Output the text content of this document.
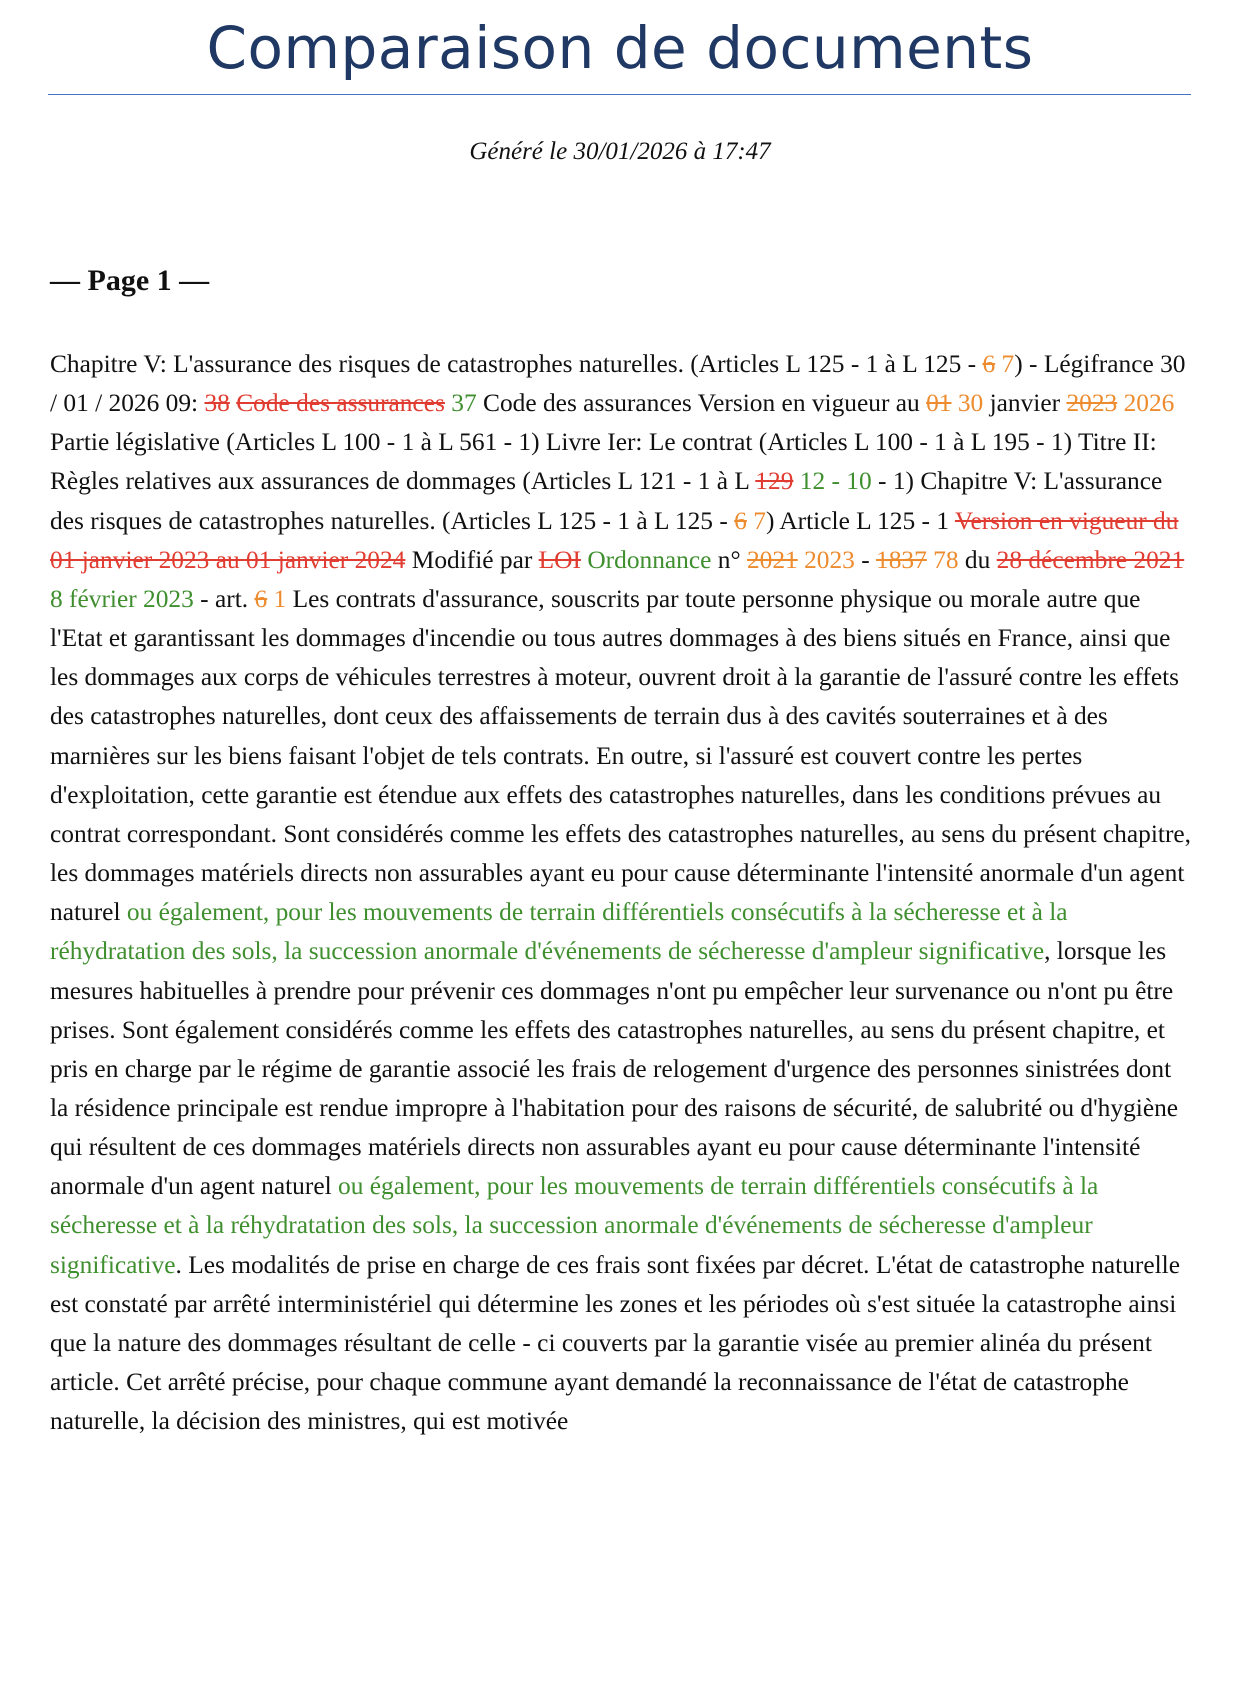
Comparaison de documents
Généré le 30/01/2026 à 17:47
— Page 1 —
Chapitre V: L'assurance des risques de catastrophes naturelles. (Articles L 125 - 1 à L 125 - 6 7) - Légifrance 30 / 01 / 2026 09: 38 Code des assurances 37 Code des assurances Version en vigueur au 01 30 janvier 2023 2026 Partie législative (Articles L 100 - 1 à L 561 - 1) Livre Ier: Le contrat (Articles L 100 - 1 à L 195 - 1) Titre II: Règles relatives aux assurances de dommages (Articles L 121 - 1 à L 129 12 - 10 - 1) Chapitre V: L'assurance des risques de catastrophes naturelles. (Articles L 125 - 1 à L 125 - 6 7) Article L 125 - 1 Version en vigueur du 01 janvier 2023 au 01 janvier 2024 Modifié par LOI Ordonnance n° 2021 2023 - 1837 78 du 28 décembre 2021 8 février 2023 - art. 6 1 Les contrats d'assurance, souscrits par toute personne physique ou morale autre que l'Etat et garantissant les dommages d'incendie ou tous autres dommages à des biens situés en France, ainsi que les dommages aux corps de véhicules terrestres à moteur, ouvrent droit à la garantie de l'assuré contre les effets des catastrophes naturelles, dont ceux des affaissements de terrain dus à des cavités souterraines et à des marnières sur les biens faisant l'objet de tels contrats. En outre, si l'assuré est couvert contre les pertes d'exploitation, cette garantie est étendue aux effets des catastrophes naturelles, dans les conditions prévues au contrat correspondant. Sont considérés comme les effets des catastrophes naturelles, au sens du présent chapitre, les dommages matériels directs non assurables ayant eu pour cause déterminante l'intensité anormale d'un agent naturel ou également, pour les mouvements de terrain différentiels consécutifs à la sécheresse et à la réhydratation des sols, la succession anormale d'événements de sécheresse d'ampleur significative, lorsque les mesures habituelles à prendre pour prévenir ces dommages n'ont pu empêcher leur survenance ou n'ont pu être prises. Sont également considérés comme les effets des catastrophes naturelles, au sens du présent chapitre, et pris en charge par le régime de garantie associé les frais de relogement d'urgence des personnes sinistrées dont la résidence principale est rendue impropre à l'habitation pour des raisons de sécurité, de salubrité ou d'hygiène qui résultent de ces dommages matériels directs non assurables ayant eu pour cause déterminante l'intensité anormale d'un agent naturel ou également, pour les mouvements de terrain différentiels consécutifs à la sécheresse et à la réhydratation des sols, la succession anormale d'événements de sécheresse d'ampleur significative. Les modalités de prise en charge de ces frais sont fixées par décret. L'état de catastrophe naturelle est constaté par arrêté interministériel qui détermine les zones et les périodes où s'est située la catastrophe ainsi que la nature des dommages résultant de celle - ci couverts par la garantie visée au premier alinéa du présent article. Cet arrêté précise, pour chaque commune ayant demandé la reconnaissance de l'état de catastrophe naturelle, la décision des ministres, qui est motivée
